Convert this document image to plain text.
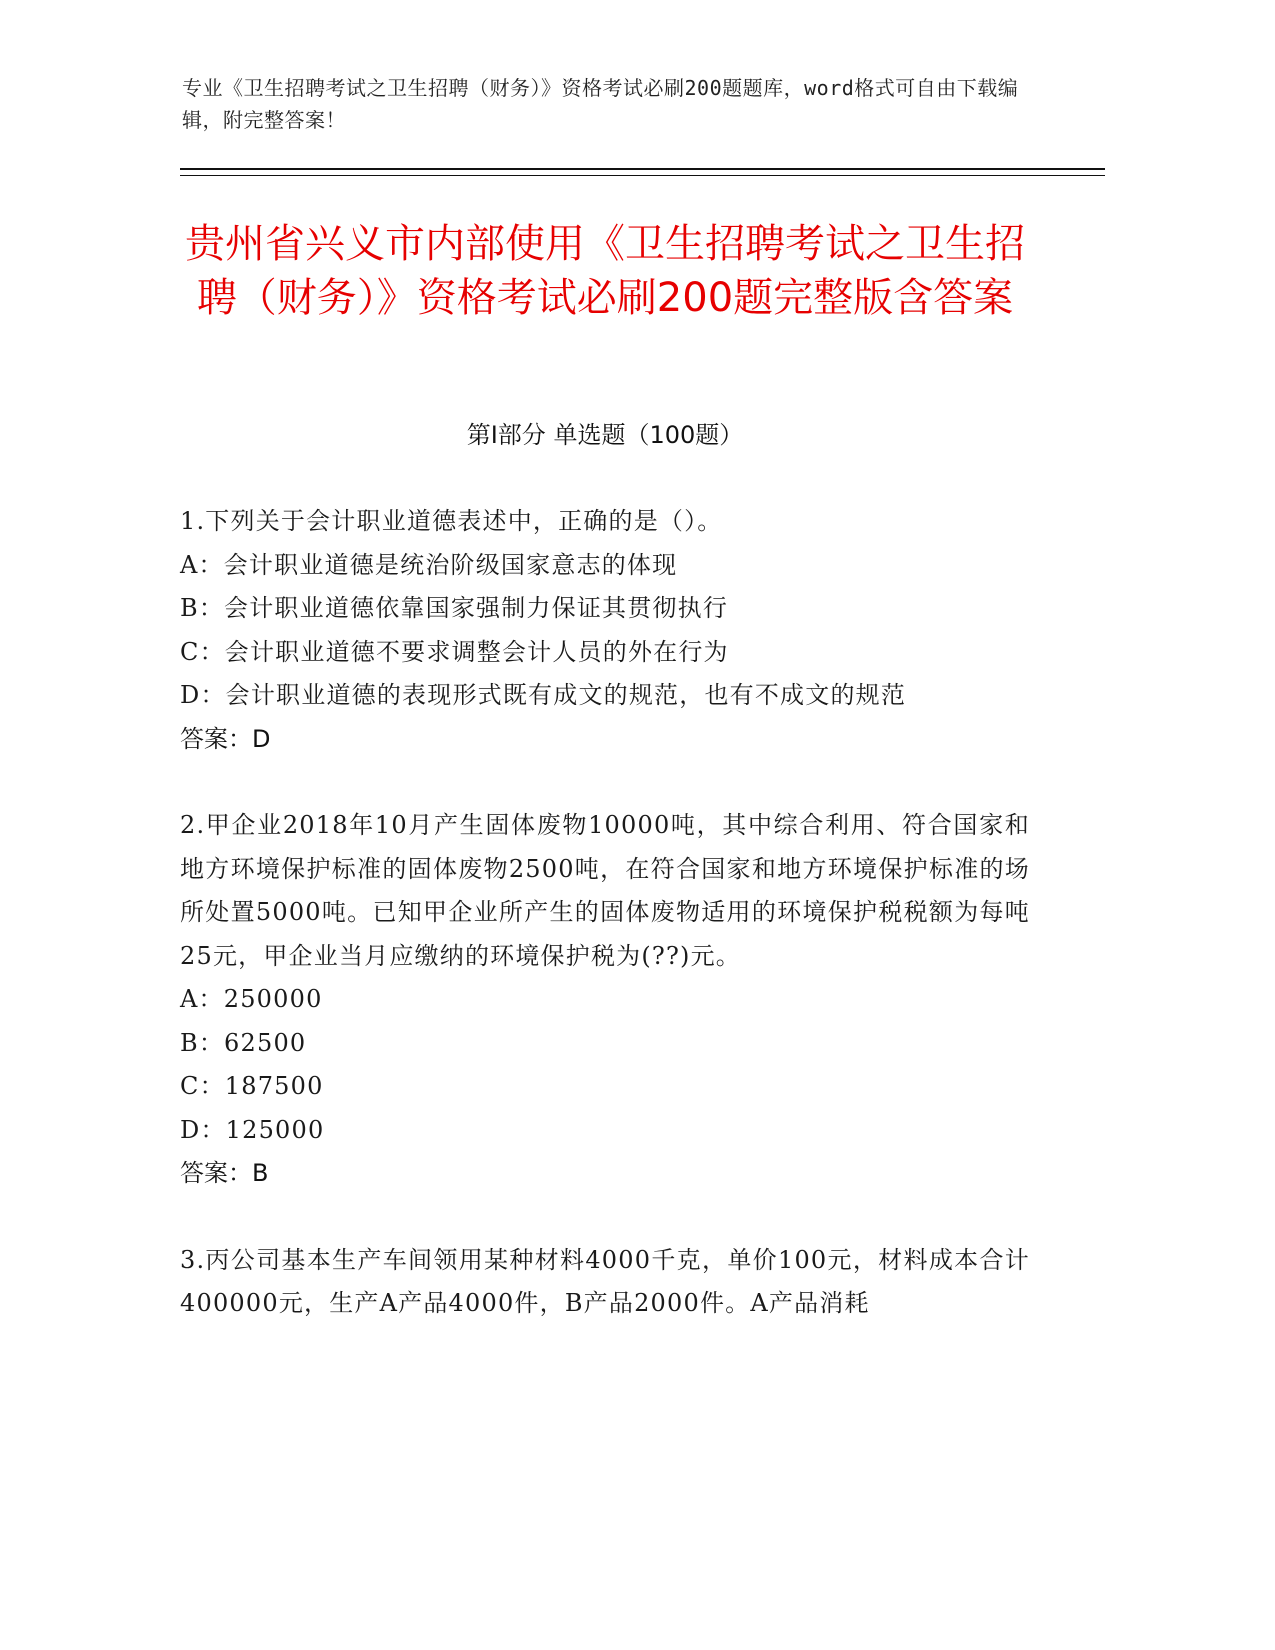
专业《卫生招聘考试之卫生招聘（财务）》资格考试必刷200题题库，word格式可自由下载编辑，附完整答案！
贵州省兴义市内部使用《卫生招聘考试之卫生招聘（财务）》资格考试必刷200题完整版含答案
第Ⅰ部分 单选题（100题）

1.下列关于会计职业道德表述中，正确的是（）。

A：会计职业道德是统治阶级国家意志的体现

B：会计职业道德依靠国家强制力保证其贯彻执行

C：会计职业道德不要求调整会计人员的外在行为

D：会计职业道德的表现形式既有成文的规范，也有不成文的规范

答案：D

2.甲企业2018年10月产生固体废物10000吨，其中综合利用、符合国家和地方环境保护标准的固体废物2500吨，在符合国家和地方环境保护标准的场所处置5000吨。已知甲企业所产生的固体废物适用的环境保护税税额为每吨25元，甲企业当月应缴纳的环境保护税为(??)元。

A：250000

B：62500

C：187500

D：125000

答案：B

3.丙公司基本生产车间领用某种材料4000千克，单价100元，材料成本合计400000元，生产A产品4000件，B产品2000件。A产品消耗
